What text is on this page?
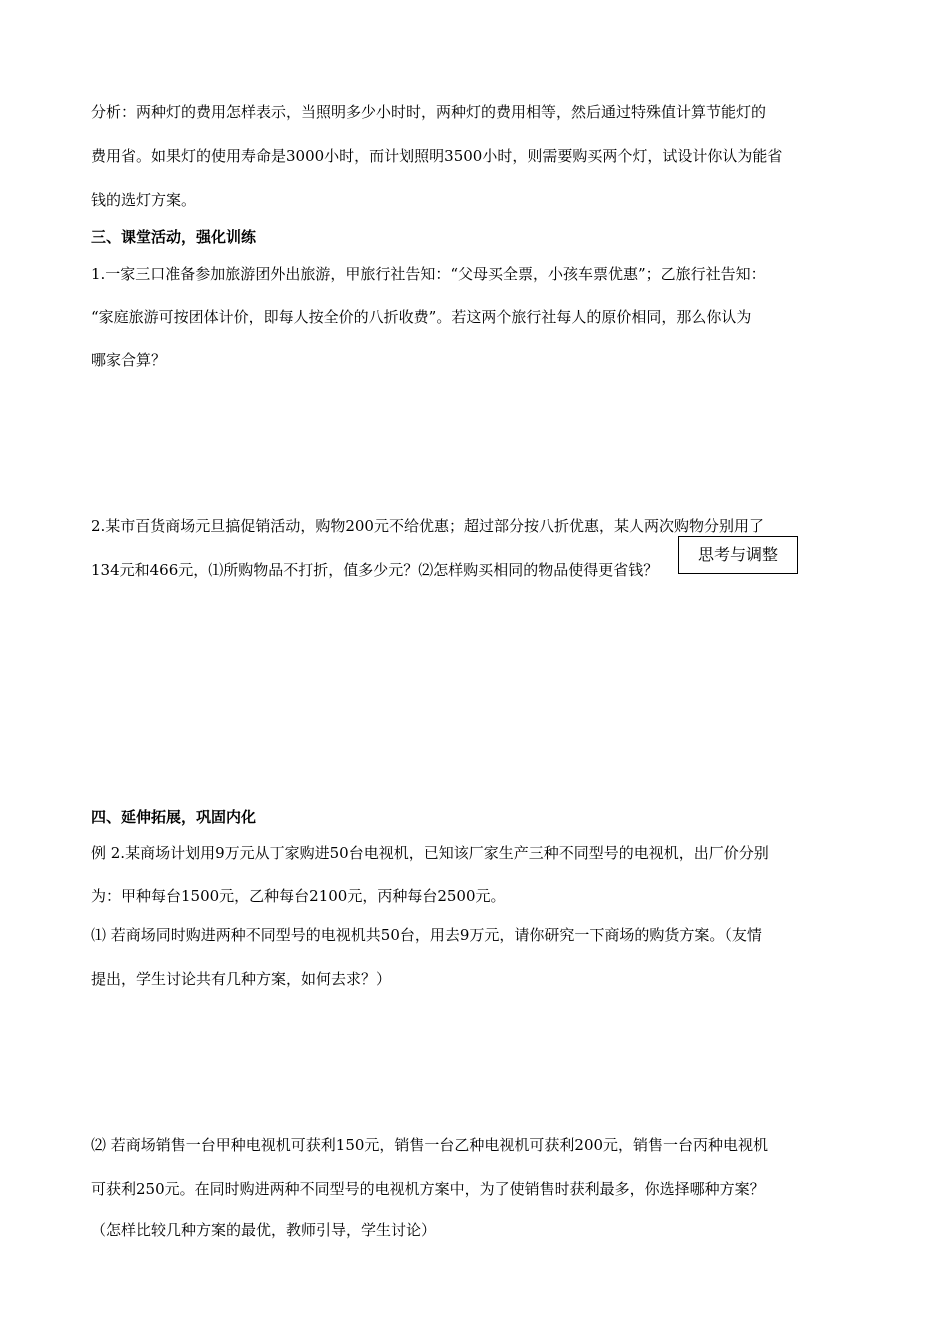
分析：两种灯的费用怎样表示，当照明多少小时时，两种灯的费用相等，然后通过特殊值计算节能灯的
费用省。如果灯的使用寿命是3000小时，而计划照明3500小时，则需要购买两个灯，试设计你认为能省
钱的选灯方案。
三、课堂活动，强化训练
1.一家三口准备参加旅游团外出旅游，甲旅行社告知：“父母买全票，小孩车票优惠”；乙旅行社告知：
“家庭旅游可按团体计价，即每人按全价的八折收费”。若这两个旅行社每人的原价相同，那么你认为
哪家合算？
2.某市百货商场元旦搞促销活动，购物200元不给优惠；超过部分按八折优惠，某人两次购物分别用了
134元和466元，⑴所购物品不打折，值多少元？⑵怎样购买相同的物品使得更省钱？
思考与调整
四、延伸拓展，巩固内化
例 2.某商场计划用9万元从丁家购进50台电视机，已知该厂家生产三种不同型号的电视机，出厂价分别
为：甲种每台1500元，乙种每台2100元，丙种每台2500元。
⑴ 若商场同时购进两种不同型号的电视机共50台，用去9万元，请你研究一下商场的购货方案。（友情
提出，学生讨论共有几种方案，如何去求？）
⑵ 若商场销售一台甲种电视机可获利150元，销售一台乙种电视机可获利200元，销售一台丙种电视机
可获利250元。在同时购进两种不同型号的电视机方案中，为了使销售时获利最多，你选择哪种方案？
（怎样比较几种方案的最优，教师引导，学生讨论）
